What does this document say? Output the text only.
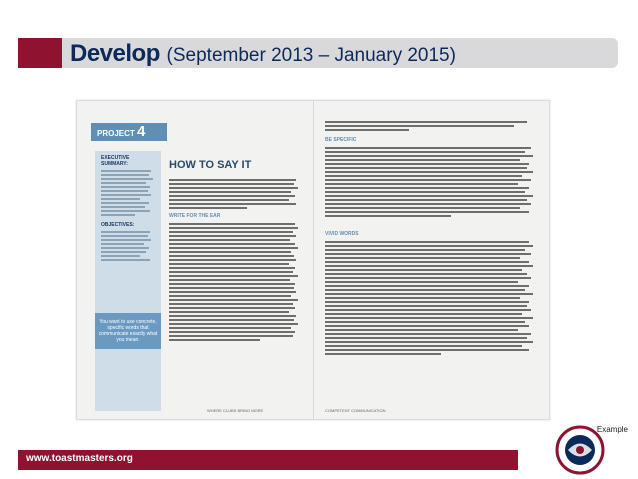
Develop (September 2013 – January 2015)
PROJECT 4
EXECUTIVE SUMMARY:
OBJECTIVES:
You want to use concrete, specific words that communicate exactly what you mean.
HOW TO SAY IT
WRITE FOR THE EAR
WHERE CLUBS BRING MORE
BE SPECIFIC
VIVID WORDS
COMPETENT COMMUNICATION
Example
www.toastmasters.org
